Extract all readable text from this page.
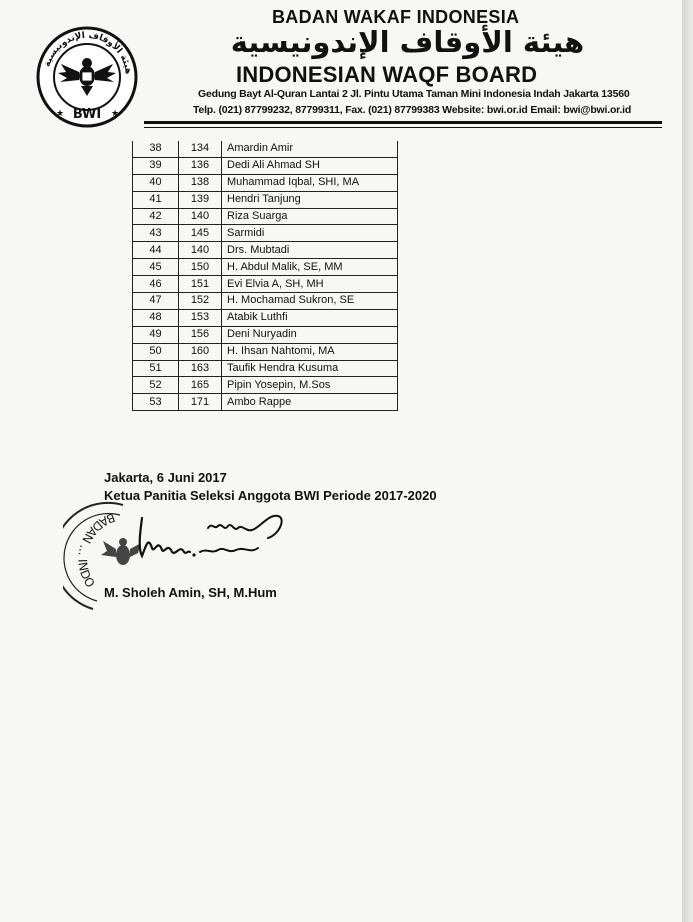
هيئة الأوقاف الإندونيسية
BWI
★	★
BADAN WAKAF INDONESIA
هيئة الأوقاف الإندونيسية
INDONESIAN WAQF BOARD
Gedung Bayt Al-Quran Lantai 2 Jl. Pintu Utama Taman Mini Indonesia Indah Jakarta 13560
Telp. (021) 87799232, 87799311, Fax. (021) 87799383 Website: bwi.or.id Email: bwi@bwi.or.id
38	134	Amardin Amir
39	136	Dedi Ali Ahmad SH
40	138	Muhammad Iqbal, SHI, MA
41	139	Hendri Tanjung
42	140	Riza Suarga
43	145	Sarmidi
44	140	Drs. Mubtadi
45	150	H. Abdul Malik, SE, MM
46	151	Evi Elvia A, SH, MH
47	152	H. Mochamad Sukron, SE
48	153	Atabik Luthfi
49	156	Deni Nuryadin
50	160	H. Ihsan Nahtomi, MA
51	163	Taufik Hendra Kusuma
52	165	Pipin Yosepin, M.Sos
53	171	Ambo Rappe
Jakarta, 6 Juni 2017
Ketua Panitia Seleksi Anggota BWI Periode 2017-2020
BADAN ... INDO
M. Sholeh Amin, SH, M.Hum
